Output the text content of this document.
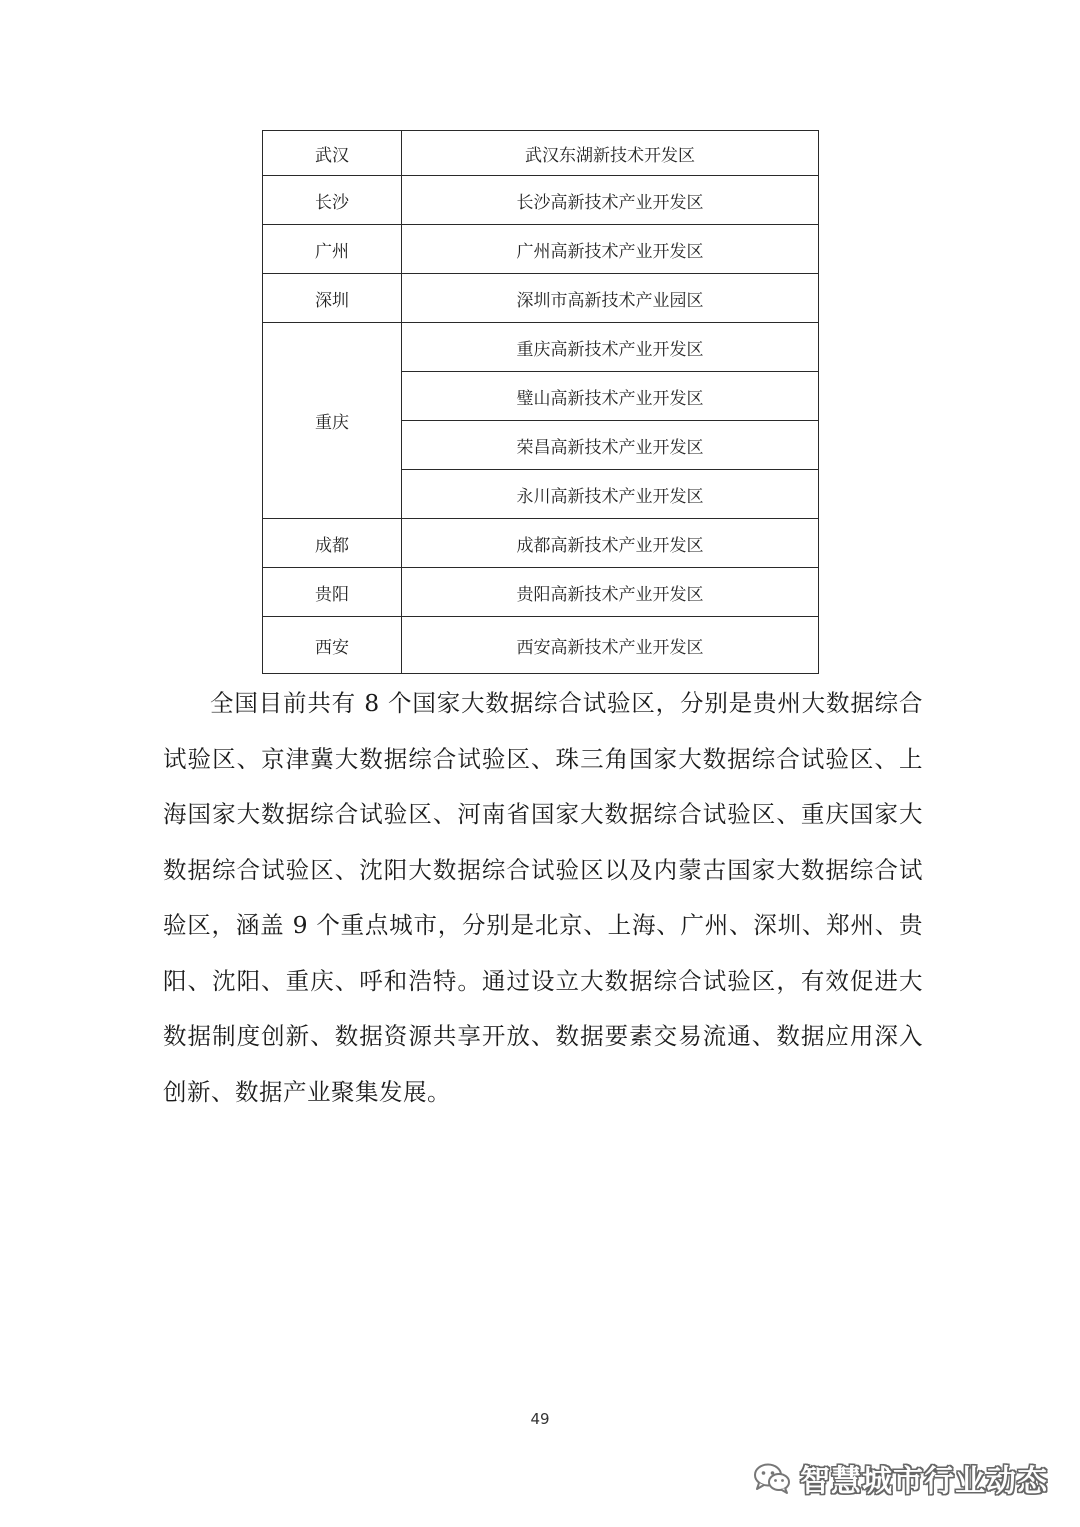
武汉	武汉东湖新技术开发区
长沙	长沙高新技术产业开发区
广州	广州高新技术产业开发区
深圳	深圳市高新技术产业园区
重庆	重庆高新技术产业开发区
	璧山高新技术产业开发区
	荣昌高新技术产业开发区
	永川高新技术产业开发区
成都	成都高新技术产业开发区
贵阳	贵阳高新技术产业开发区
西安	西安高新技术产业开发区

全国目前共有 8 个国家大数据综合试验区，分别是贵州大数据综合试验区、京津冀大数据综合试验区、珠三角国家大数据综合试验区、上海国家大数据综合试验区、河南省国家大数据综合试验区、重庆国家大数据综合试验区、沈阳大数据综合试验区以及内蒙古国家大数据综合试验区，涵盖 9 个重点城市，分别是北京、上海、广州、深圳、郑州、贵阳、沈阳、重庆、呼和浩特。通过设立大数据综合试验区，有效促进大数据制度创新、数据资源共享开放、数据要素交易流通、数据应用深入创新、数据产业聚集发展。

49
智慧城市行业动态
